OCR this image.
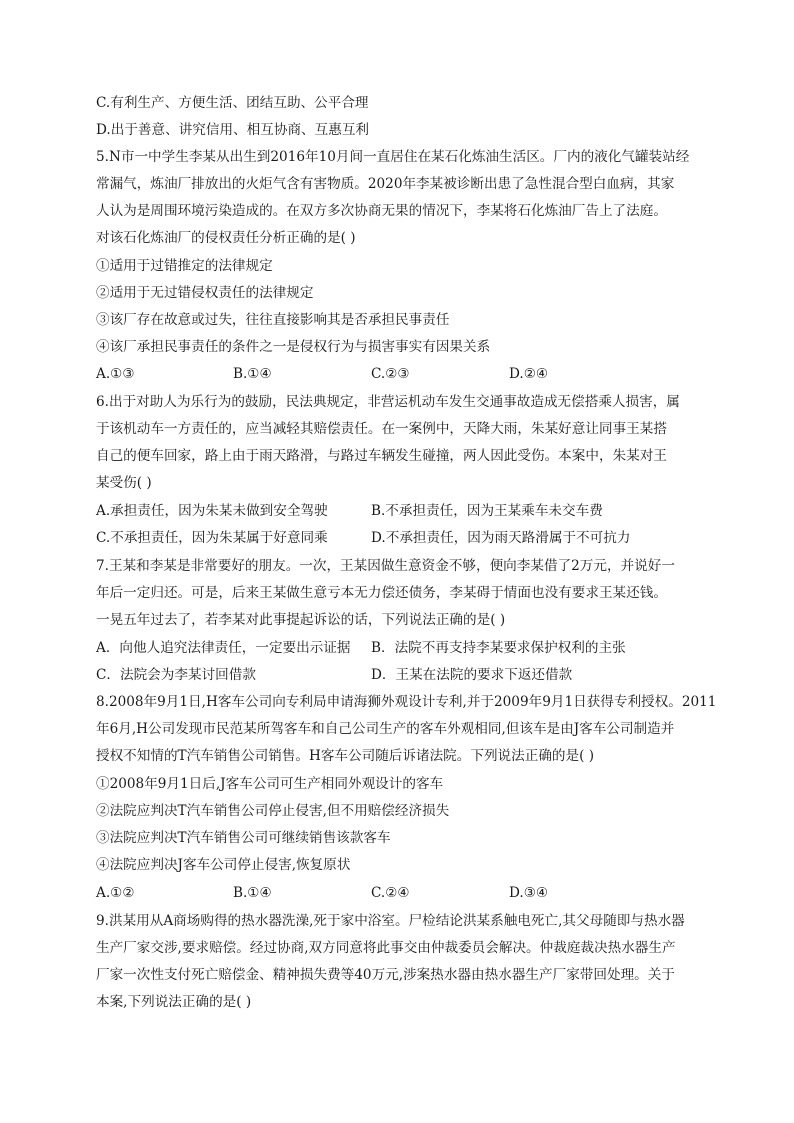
C.有利生产、方便生活、团结互助、公平合理
D.出于善意、讲究信用、相互协商、互惠互利
5.N市一中学生李某从出生到2016年10月间一直居住在某石化炼油生活区。厂内的液化气罐装站经
常漏气，炼油厂排放出的火炬气含有害物质。2020年李某被诊断出患了急性混合型白血病，其家
人认为是周围环境污染造成的。在双方多次协商无果的情况下，李某将石化炼油厂告上了法庭。
对该石化炼油厂的侵权责任分析正确的是( )
①适用于过错推定的法律规定
②适用于无过错侵权责任的法律规定
③该厂存在故意或过失，往往直接影响其是否承担民事责任
④该厂承担民事责任的条件之一是侵权行为与损害事实有因果关系
A.①③	B.①④	C.②③	D.②④
6.出于对助人为乐行为的鼓励，民法典规定，非营运机动车发生交通事故造成无偿搭乘人损害，属
于该机动车一方责任的，应当减轻其赔偿责任。在一案例中，天降大雨，朱某好意让同事王某搭
自己的便车回家，路上由于雨天路滑，与路过车辆发生碰撞，两人因此受伤。本案中，朱某对王
某受伤( )
A.承担责任，因为朱某未做到安全驾驶	B.不承担责任，因为王某乘车未交车费
C.不承担责任，因为朱某属于好意同乘	D.不承担责任，因为雨天路滑属于不可抗力
7.王某和李某是非常要好的朋友。一次，王某因做生意资金不够，便向李某借了2万元，并说好一
年后一定归还。可是，后来王某做生意亏本无力偿还债务，李某碍于情面也没有要求王某还钱。
一晃五年过去了，若李某对此事提起诉讼的话，下列说法正确的是( )
A．向他人追究法律责任，一定要出示证据 B．法院不再支持李某要求保护权利的主张
C．法院会为李某讨回借款	D．王某在法院的要求下返还借款
8.2008年9月1日,H客车公司向专利局申请海狮外观设计专利,并于2009年9月1日获得专利授权。2011
年6月,H公司发现市民范某所驾客车和自己公司生产的客车外观相同,但该车是由J客车公司制造并
授权不知情的T汽车销售公司销售。H客车公司随后诉诸法院。下列说法正确的是( )
①2008年9月1日后,J客车公司可生产相同外观设计的客车
②法院应判决T汽车销售公司停止侵害,但不用赔偿经济损失
③法院应判决T汽车销售公司可继续销售该款客车
④法院应判决J客车公司停止侵害,恢复原状
A.①②	B.①④	C.②④	D.③④
9.洪某用从A商场购得的热水器洗澡,死于家中浴室。尸检结论洪某系触电死亡,其父母随即与热水器
生产厂家交涉,要求赔偿。经过协商,双方同意将此事交由仲裁委员会解决。仲裁庭裁决热水器生产
厂家一次性支付死亡赔偿金、精神损失费等40万元,涉案热水器由热水器生产厂家带回处理。关于
本案,下列说法正确的是( )
